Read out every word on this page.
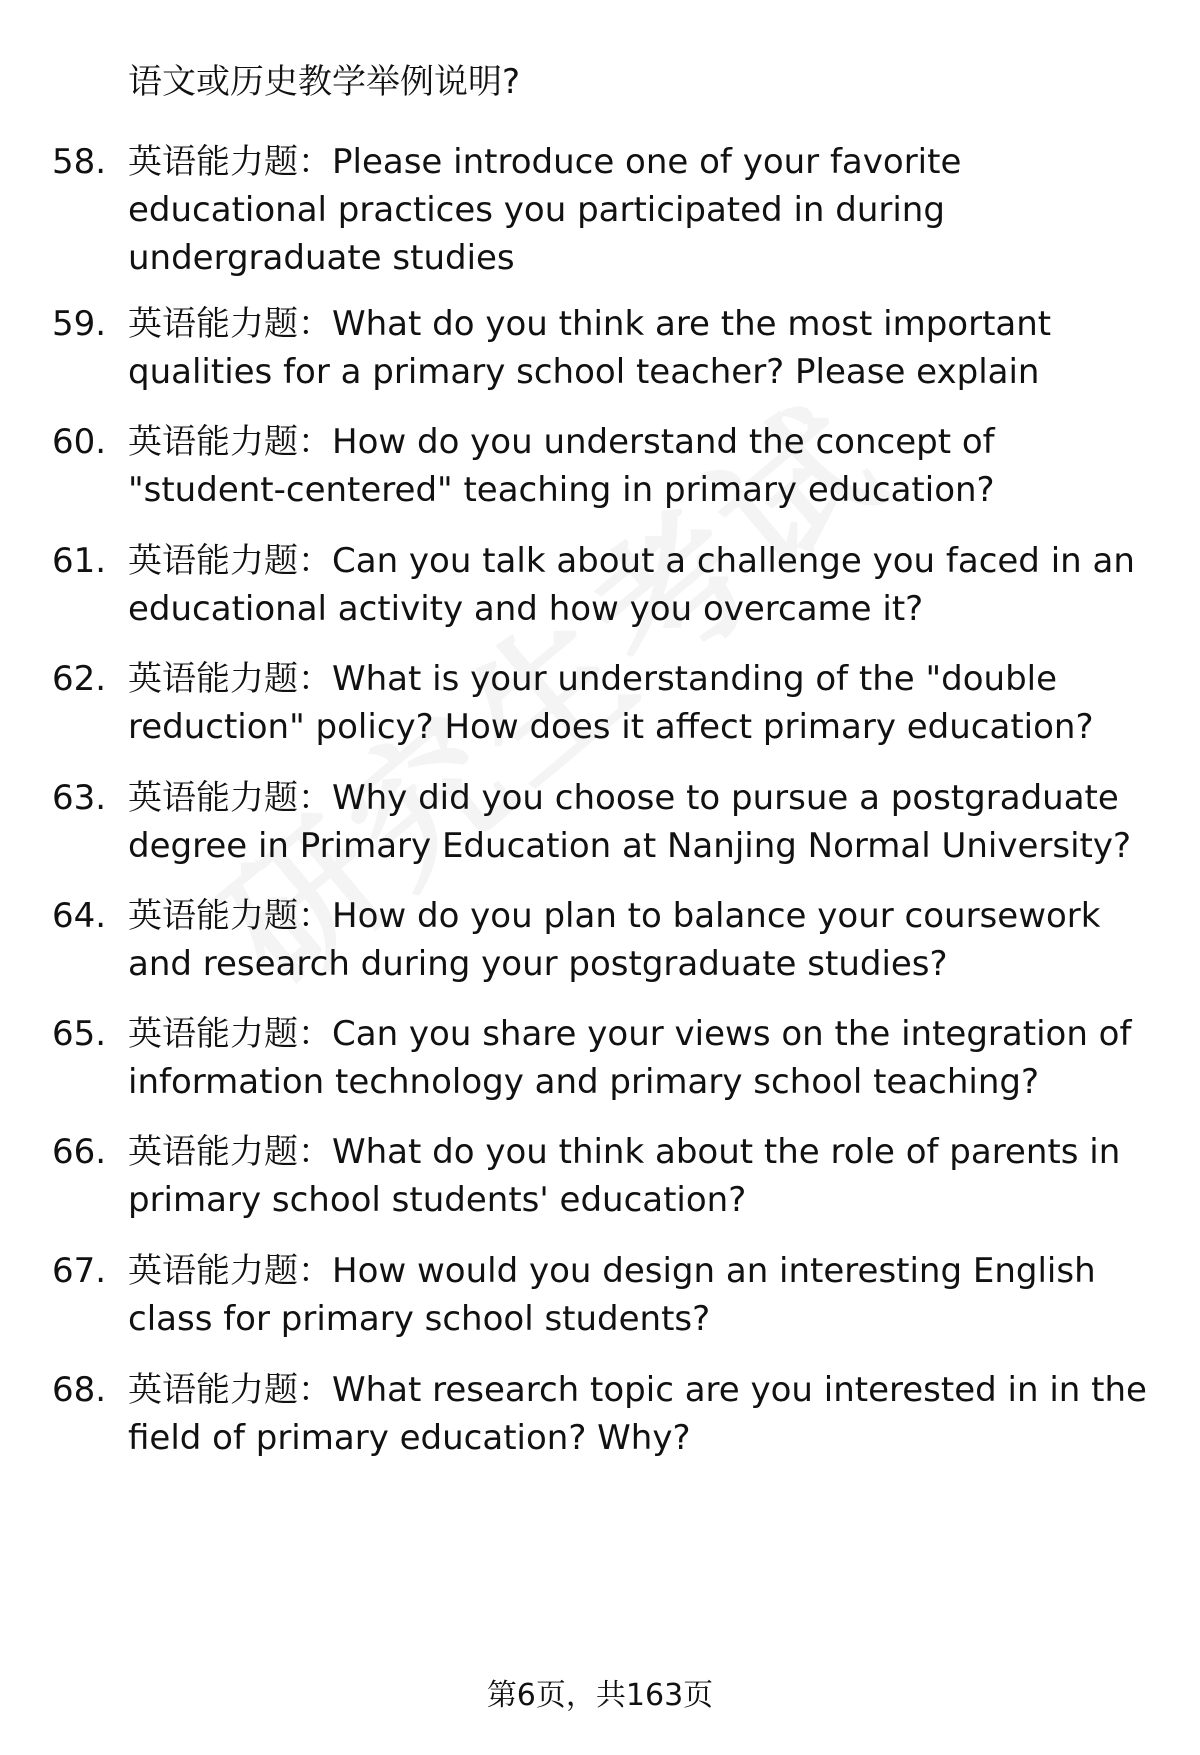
语文或历史教学举例说明?
58. 英语能力题：Please introduce one of your favorite educational practices you participated in during undergraduate studies
59. 英语能力题：What do you think are the most important qualities for a primary school teacher? Please explain
60. 英语能力题：How do you understand the concept of "student-centered" teaching in primary education?
61. 英语能力题：Can you talk about a challenge you faced in an educational activity and how you overcame it?
62. 英语能力题：What is your understanding of the "double reduction" policy? How does it affect primary education?
63. 英语能力题：Why did you choose to pursue a postgraduate degree in Primary Education at Nanjing Normal University?
64. 英语能力题：How do you plan to balance your coursework and research during your postgraduate studies?
65. 英语能力题：Can you share your views on the integration of information technology and primary school teaching?
66. 英语能力题：What do you think about the role of parents in primary school students' education?
67. 英语能力题：How would you design an interesting English class for primary school students?
68. 英语能力题：What research topic are you interested in in the field of primary education? Why?
第6页，共163页
